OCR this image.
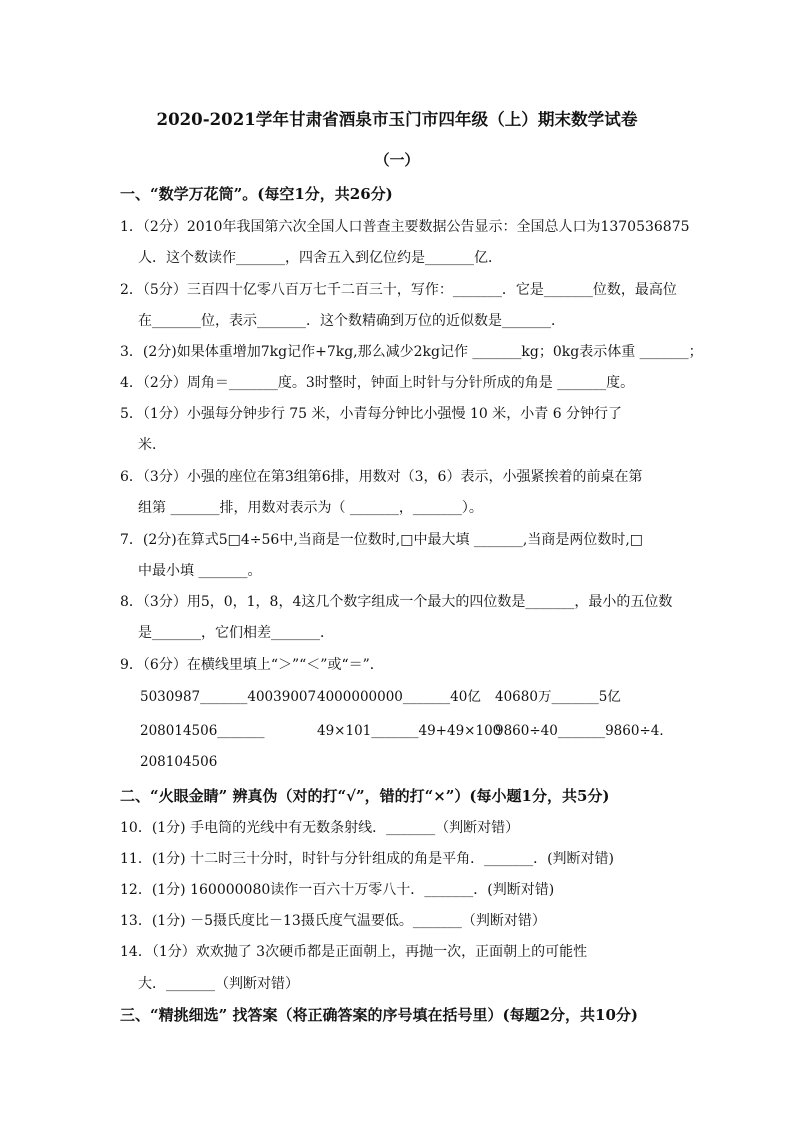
2020-2021学年甘肃省酒泉市玉门市四年级（上）期末数学试卷
（一）
一、“数学万花筒”。(每空1分，共26分)
1．（2分）2010年我国第六次全国人口普查主要数据公告显示：全国总人口为1370536875
人．这个数读作_______，四舍五入到亿位约是_______亿．
2．（5分）三百四十亿零八百万七千二百三十，写作：_______．它是_______位数，最高位
在_______位，表示_______．这个数精确到万位的近似数是_______．
3．(2分)如果体重增加7kg记作+7kg,那么减少2kg记作 _______kg；0kg表示体重 _______；
4．（2分）周角＝_______度。3时整时，钟面上时针与分针所成的角是 _______度。
5．（1分）小强每分钟步行 75 米，小青每分钟比小强慢 10 米，小青 6 分钟行了
米．
6．（3分）小强的座位在第3组第6排，用数对（3，6）表示，小强紧挨着的前桌在第
组第 _______排，用数对表示为（ _______，_______）。
7．(2分)在算式5□4÷56中,当商是一位数时,□中最大填 _______,当商是两位数时,□
中最小填 _______。
8．（3分）用5，0，1，8，4这几个数字组成一个最大的四位数是_______，最小的五位数
是_______，它们相差_______．
9．（6分）在横线里填上“＞”“＜”或“＝”．
5030987_______40039007 4000000000_______40亿 40680万_______5亿
208014506_______	49×101_______49+49×100
9860÷40_______9860÷4．
208104506
二、“火眼金睛” 辨真伪（对的打“√”，错的打“×”）(每小题1分，共5分)
10．(1分) 手电筒的光线中有无数条射线．_______（判断对错）
11．(1分) 十二时三十分时，时针与分针组成的角是平角．_______．(判断对错)
12．(1分) 160000080读作一百六十万零八十．_______．(判断对错)
13．(1分) －5摄氏度比－13摄氏度气温要低。_______（判断对错）
14．（1分）欢欢抛了 3次硬币都是正面朝上，再抛一次，正面朝上的可能性
大．_______（判断对错）
三、“精挑细选” 找答案（将正确答案的序号填在括号里）(每题2分，共10分)
